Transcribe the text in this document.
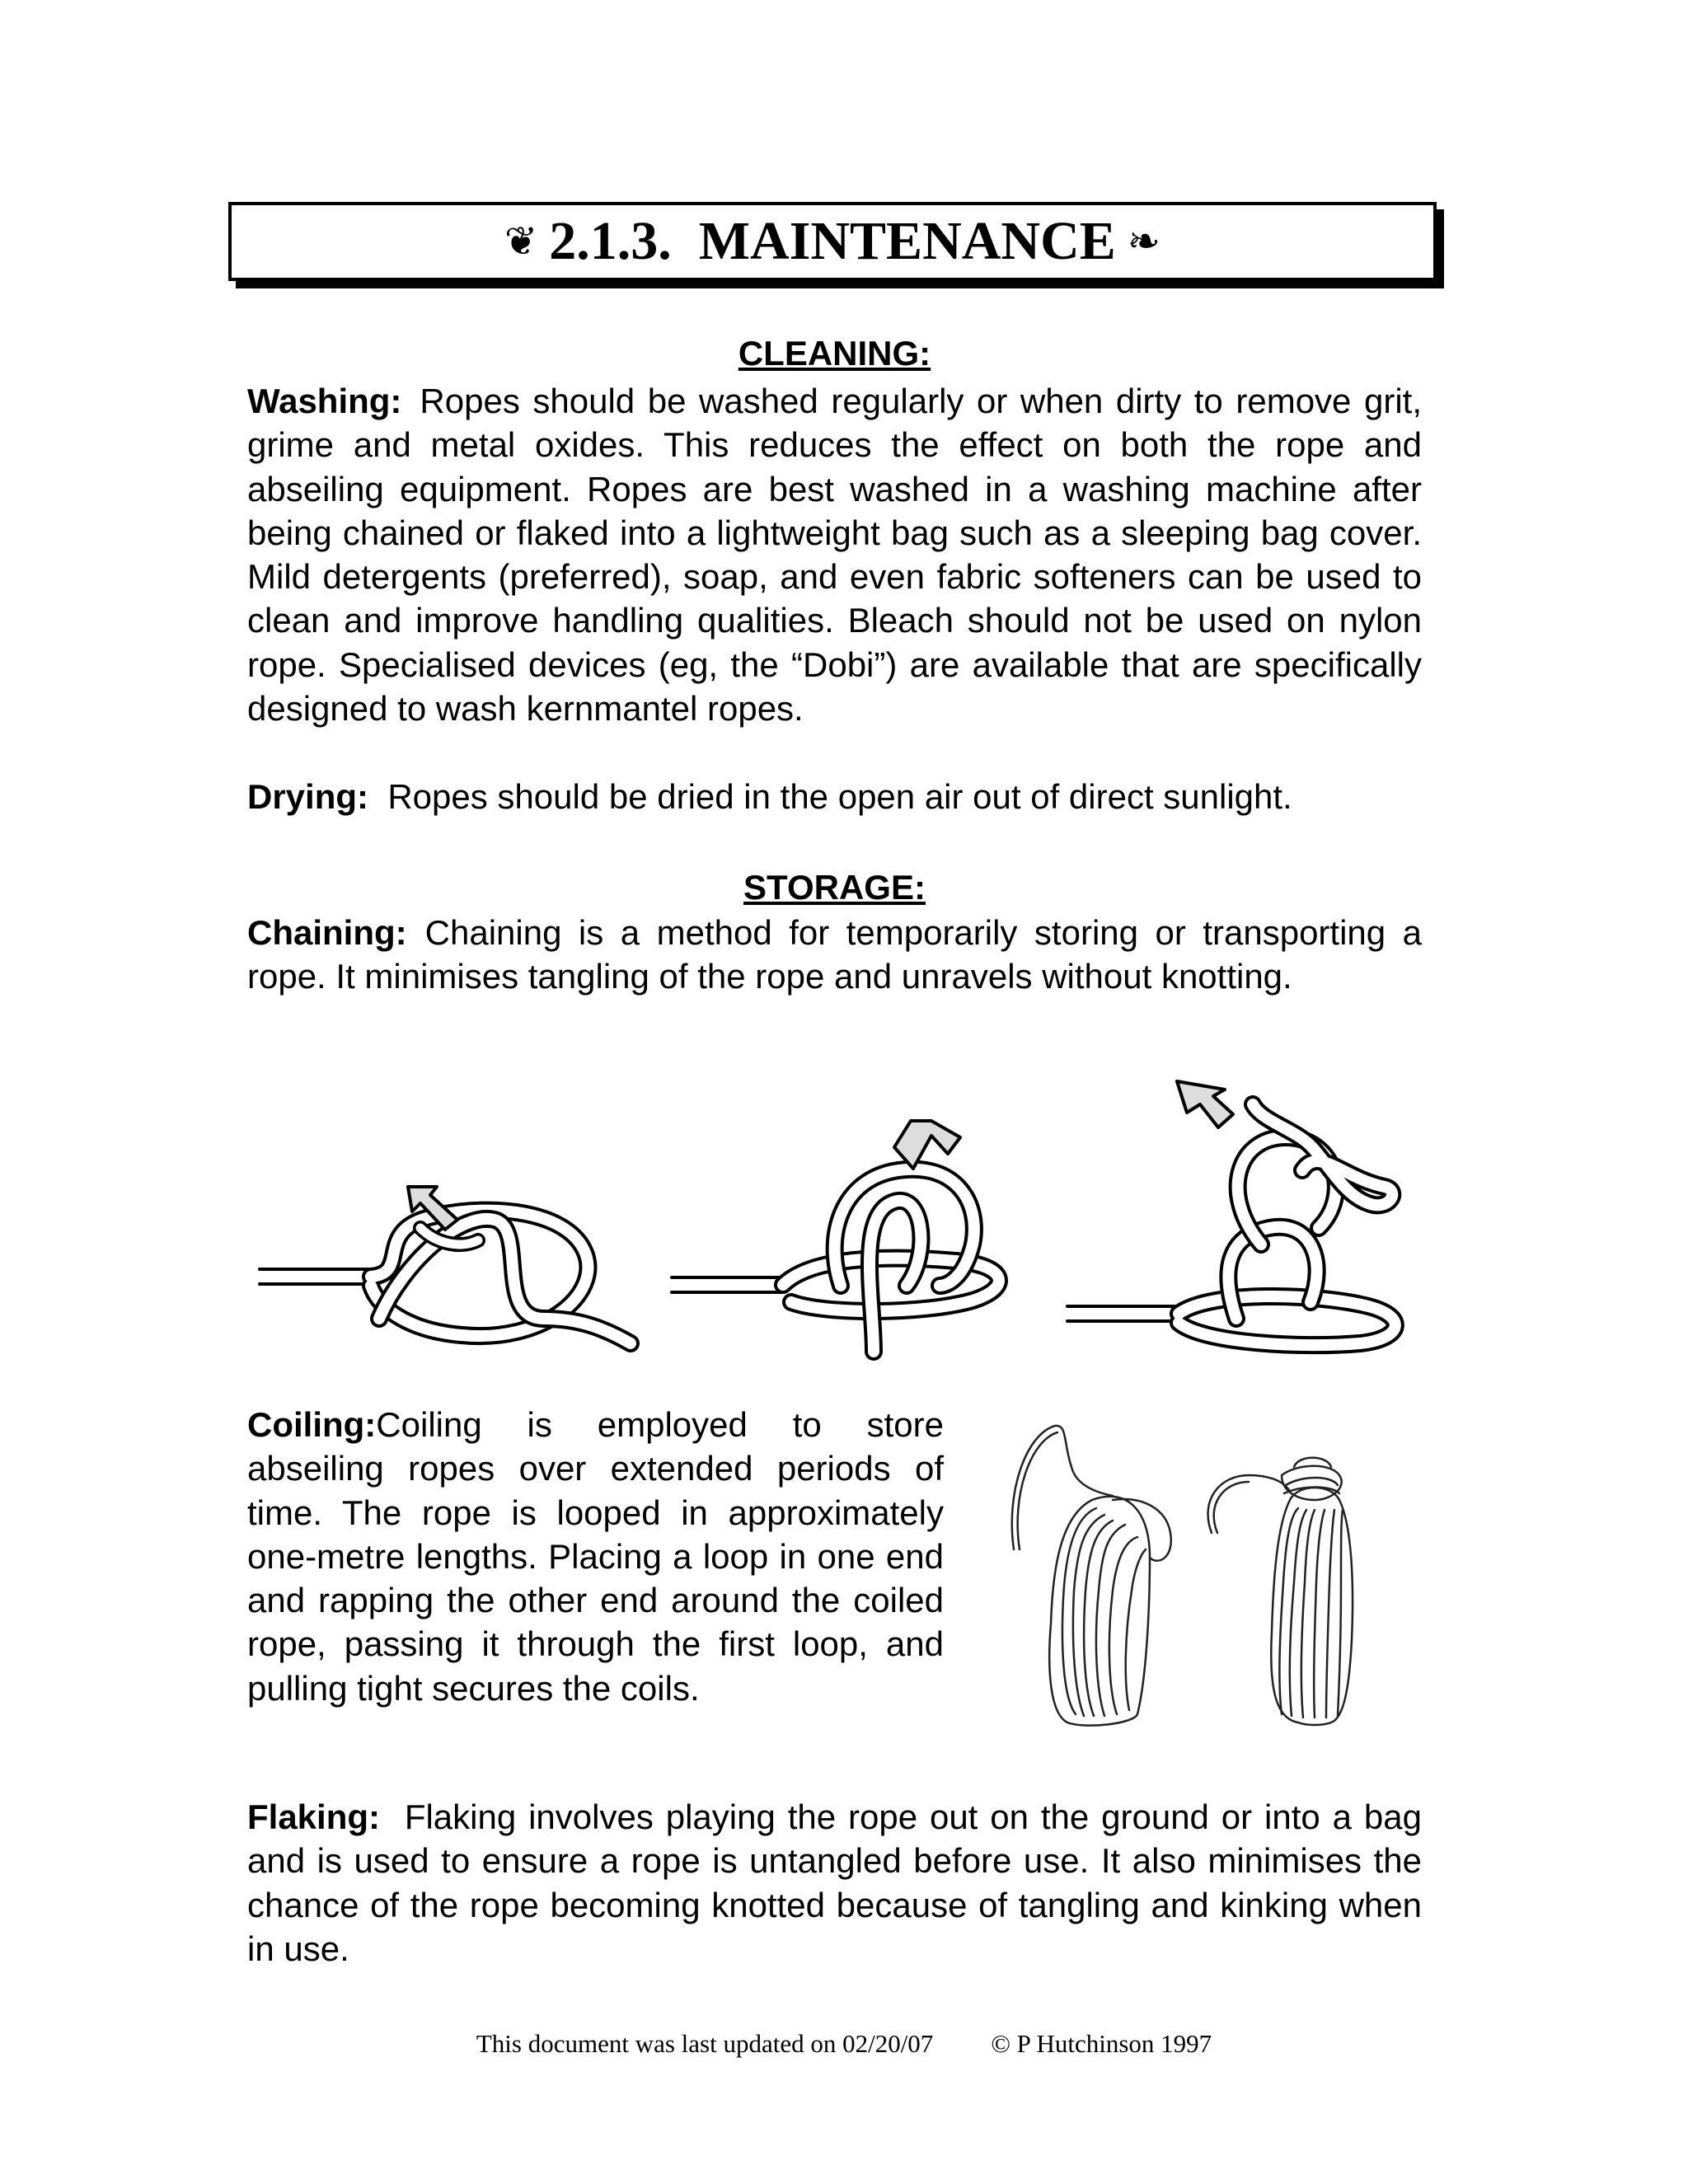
❦ 2.1.3.  MAINTENANCE ❧
CLEANING:
Washing: Ropes should be washed regularly or when dirty to remove grit, grime and metal oxides. This reduces the effect on both the rope and abseiling equipment. Ropes are best washed in a washing machine after being chained or flaked into a lightweight bag such as a sleeping bag cover. Mild detergents (preferred), soap, and even fabric softeners can be used to clean and improve handling qualities. Bleach should not be used on nylon rope. Specialised devices (eg, the “Dobi”) are available that are specifically designed to wash kernmantel ropes.
Drying: Ropes should be dried in the open air out of direct sunlight.
STORAGE:
Chaining: Chaining is a method for temporarily storing or transporting a rope. It minimises tangling of the rope and unravels without knotting.
Coiling:Coiling is employed to store abseiling ropes over extended periods of time. The rope is looped in approximately one-metre lengths. Placing a loop in one end and rapping the other end around the coiled rope, passing it through the first loop, and pulling tight secures the coils.
Flaking: Flaking involves playing the rope out on the ground or into a bag and is used to ensure a rope is untangled before use. It also minimises the chance of the rope becoming knotted because of tangling and kinking when in use.
This document was last updated on 02/20/07 © P Hutchinson 1997
